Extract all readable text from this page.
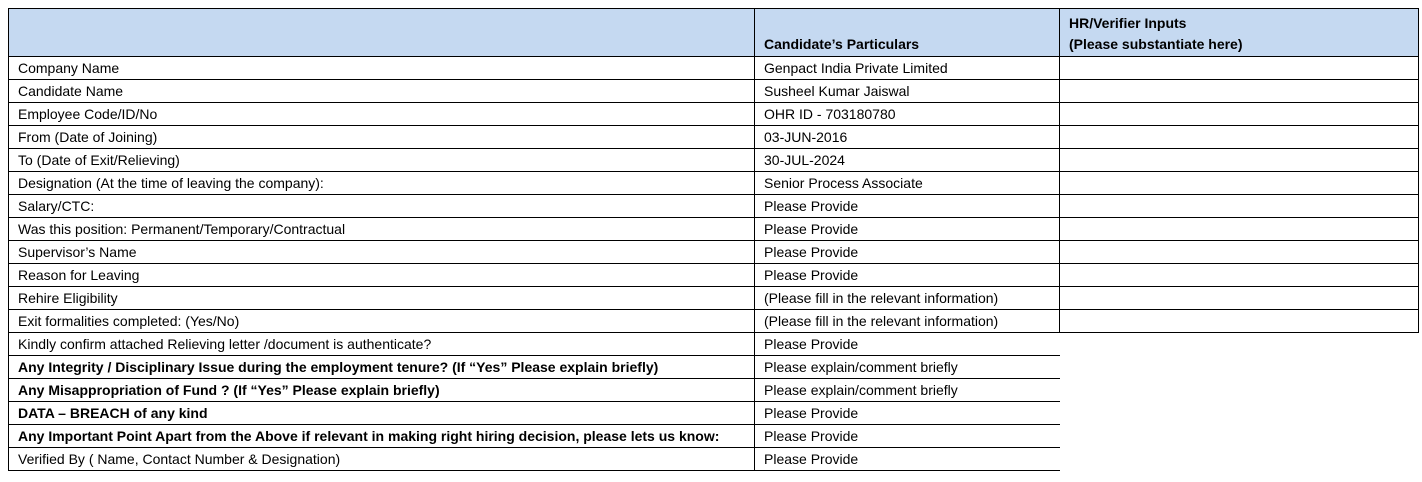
	Candidate’s Particulars	HR/Verifier Inputs
(Please substantiate here)

Company Name	Genpact India Private Limited	
Candidate Name	Susheel Kumar Jaiswal	
Employee Code/ID/No	OHR ID - 703180780	
From (Date of Joining)	03-JUN-2016	
To (Date of Exit/Relieving)	30-JUL-2024	
Designation (At the time of leaving the company):	Senior Process Associate	
Salary/CTC:	Please Provide	
Was this position: Permanent/Temporary/Contractual	Please Provide	
Supervisor’s Name	Please Provide	
Reason for Leaving	Please Provide	
Rehire Eligibility	(Please fill in the relevant information)	
Exit formalities completed: (Yes/No)	(Please fill in the relevant information)	
Kindly confirm attached Relieving letter /document is authenticate?	Please Provide	
Any Integrity / Disciplinary Issue during the employment tenure? (If “Yes” Please explain briefly)	Please explain/comment briefly	
Any Misappropriation of Fund ? (If “Yes” Please explain briefly)	Please explain/comment briefly	
DATA – BREACH of any kind	Please Provide	
Any Important Point Apart from the Above if relevant in making right hiring decision, please lets us know:	Please Provide	
Verified By ( Name, Contact Number & Designation)	Please Provide	
